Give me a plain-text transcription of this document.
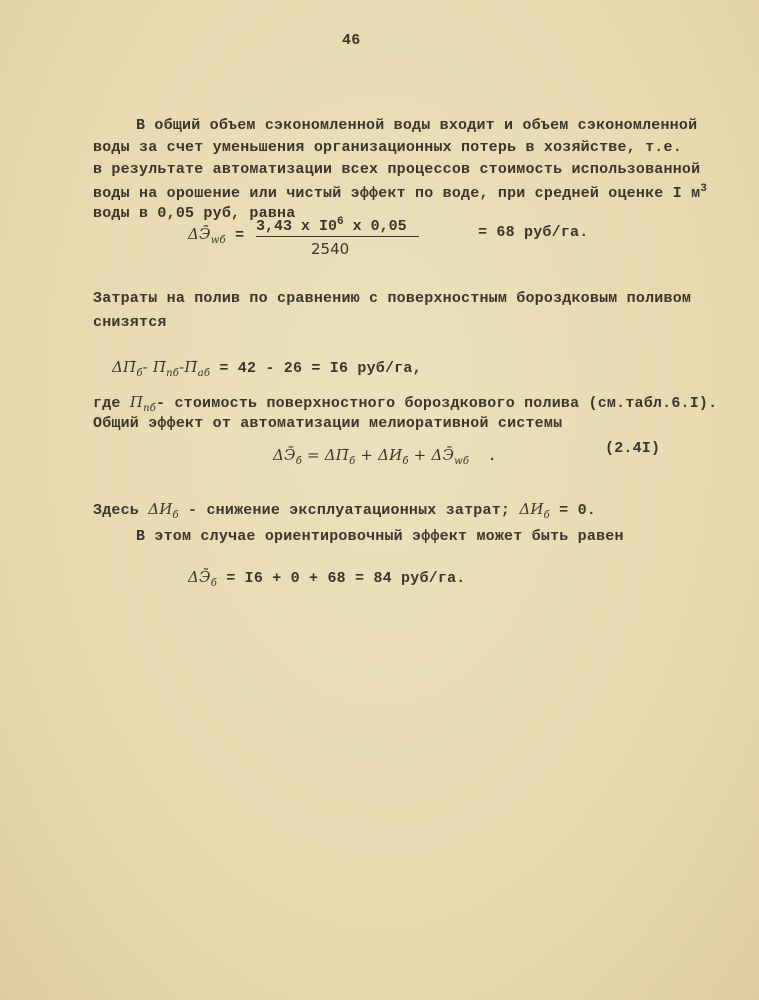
46
В общий объем сэкономленной воды входит и объем сэкономленной
воды за счет уменьшения организационных потерь в хозяйстве, т.е.
в результате автоматизации всех процессов стоимость использованной
воды на орошение или чистый эффект по воде, при средней оценке I $м^3$
воды в 0,05 руб, равна
$\Delta Э̄_{wб}$ =
$\frac{3,43 x I0^6 x 0,05}{2540}$
= 68 руб/га.
Затраты на полив по сравнению с поверхностным бороздковым поливом
снизятся
$\Delta П̄_б-$ $П̄_{пб}-П̄_{аб} = 42 - 26 = I6$ руб/га,
где $П_{пб}-$ стоимость поверхностного бороздкового полива (см.табл.6.I).
Общий эффект от автоматизации мелиоративной системы
$\Delta Э̄_б$ = $\Delta П̄_б + \Delta И_б$ + $\Delta Э̄_{wб}$  .	(2.4I)
Здесь $\Delta И_б$ - снижение эксплуатационных затрат; $\Delta И_б = 0$.
В этом случае ориентировочный эффект может быть равен
$\Delta Э̄_б = I6 + 0 + 68 = 84$ руб/га.
